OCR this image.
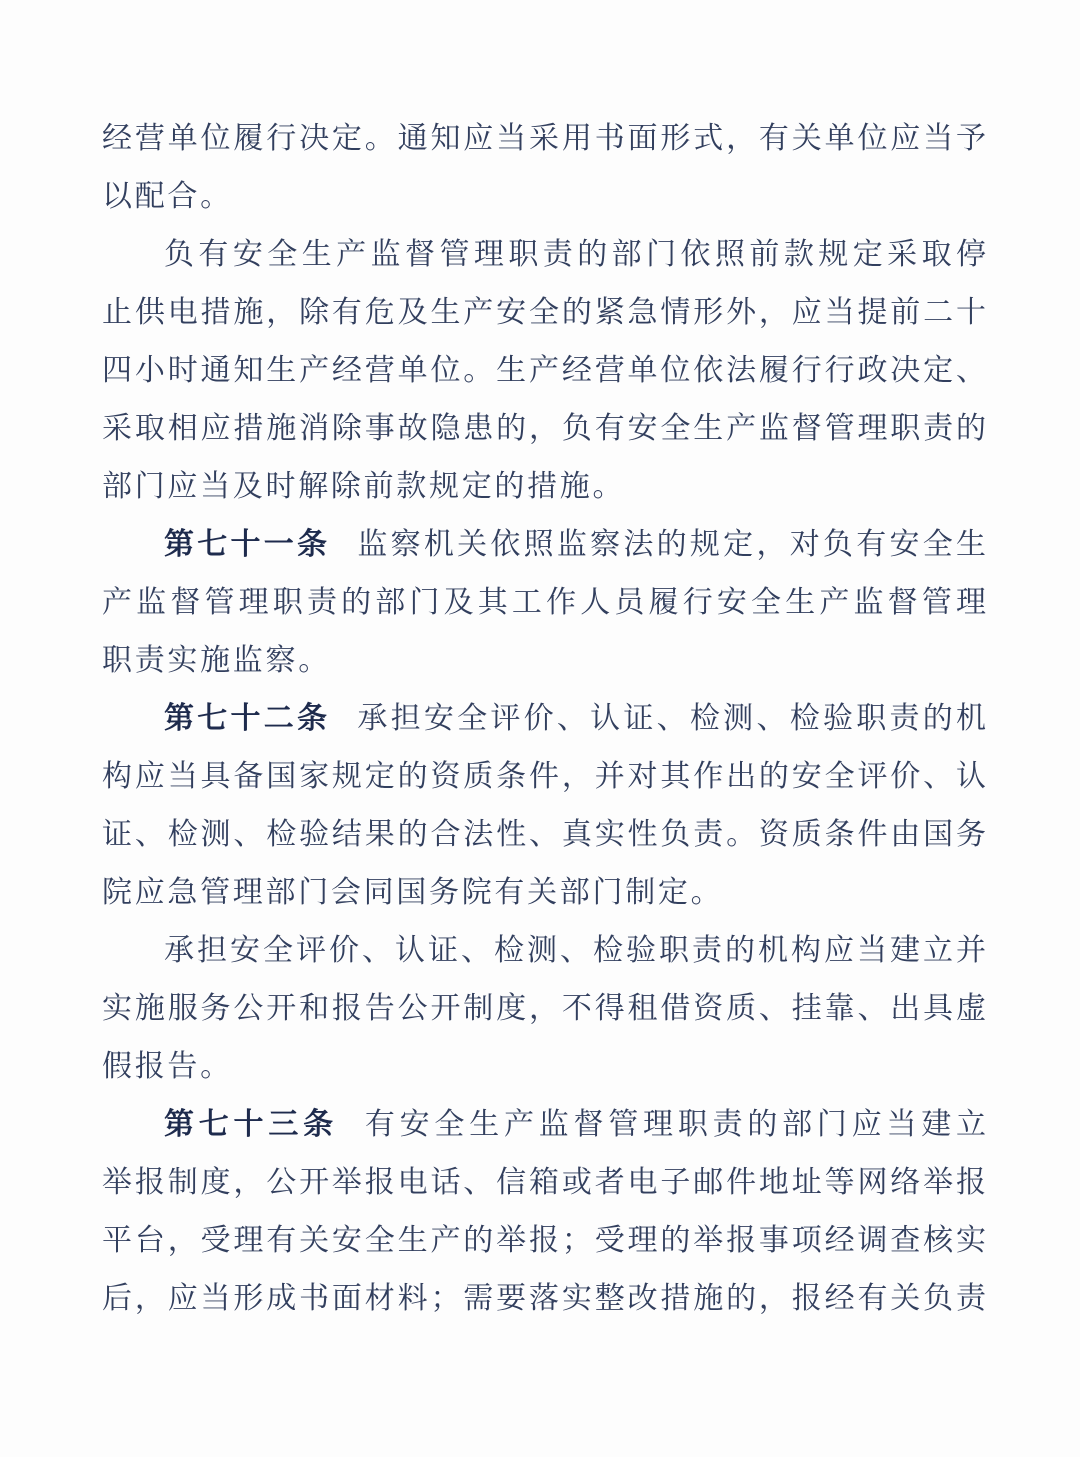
经营单位履行决定。通知应当采用书面形式，有关单位应当予
以配合。
负有安全生产监督管理职责的部门依照前款规定采取停
止供电措施，除有危及生产安全的紧急情形外，应当提前二十
四小时通知生产经营单位。生产经营单位依法履行行政决定、
采取相应措施消除事故隐患的，负有安全生产监督管理职责的
部门应当及时解除前款规定的措施。
第七十一条 监察机关依照监察法的规定，对负有安全生
产监督管理职责的部门及其工作人员履行安全生产监督管理
职责实施监察。
第七十二条 承担安全评价、认证、检测、检验职责的机
构应当具备国家规定的资质条件，并对其作出的安全评价、认
证、检测、检验结果的合法性、真实性负责。资质条件由国务
院应急管理部门会同国务院有关部门制定。
承担安全评价、认证、检测、检验职责的机构应当建立并
实施服务公开和报告公开制度，不得租借资质、挂靠、出具虚
假报告。
第七十三条 有安全生产监督管理职责的部门应当建立
举报制度，公开举报电话、信箱或者电子邮件地址等网络举报
平台，受理有关安全生产的举报；受理的举报事项经调查核实
后，应当形成书面材料；需要落实整改措施的，报经有关负责
